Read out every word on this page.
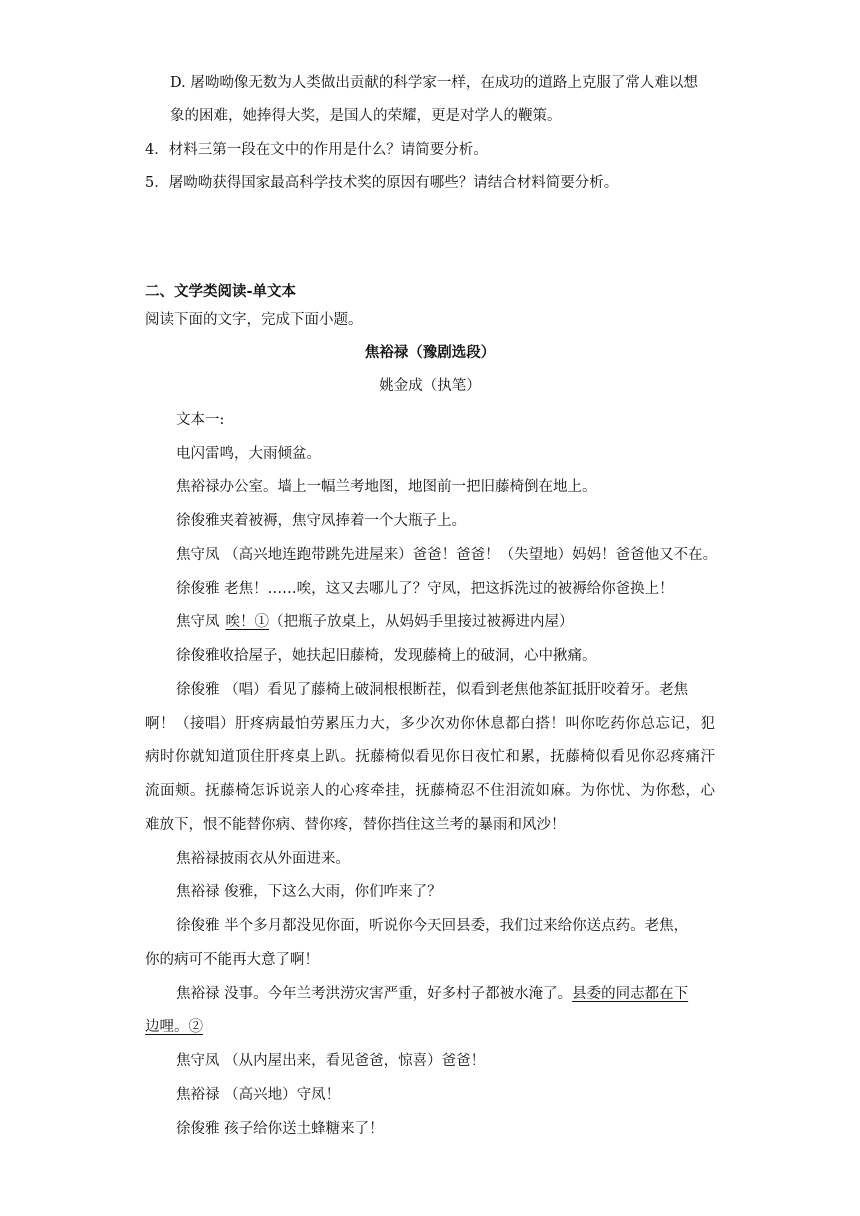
D. 屠呦呦像无数为人类做出贡献的科学家一样，在成功的道路上克服了常人难以想
象的困难，她捧得大奖，是国人的荣耀，更是对学人的鞭策。
4．材料三第一段在文中的作用是什么？请简要分析。
5．屠呦呦获得国家最高科学技术奖的原因有哪些？请结合材料简要分析。
二、文学类阅读-单文本
阅读下面的文字，完成下面小题。
焦裕禄（豫剧选段）
姚金成（执笔）
文本一:
电闪雷鸣，大雨倾盆。
焦裕禄办公室。墙上一幅兰考地图，地图前一把旧藤椅倒在地上。
徐俊雅夹着被褥，焦守凤捧着一个大瓶子上。
焦守凤 （高兴地连跑带跳先进屋来）爸爸！爸爸！（失望地）妈妈！爸爸他又不在。
徐俊雅 老焦！……唉，这又去哪儿了？守凤，把这拆洗过的被褥给你爸换上！
焦守凤 唉！①（把瓶子放桌上，从妈妈手里接过被褥进内屋）
徐俊雅收拾屋子，她扶起旧藤椅，发现藤椅上的破洞，心中揪痛。
徐俊雅 （唱）看见了藤椅上破洞根根断茬，似看到老焦他茶缸抵肝咬着牙。老焦
啊！（接唱）肝疼病最怕劳累压力大，多少次劝你休息都白搭！叫你吃药你总忘记，犯
病时你就知道顶住肝疼桌上趴。抚藤椅似看见你日夜忙和累，抚藤椅似看见你忍疼痛汗
流面颊。抚藤椅怎诉说亲人的心疼牵挂，抚藤椅忍不住泪流如麻。为你忧、为你愁，心
难放下，恨不能替你病、替你疼，替你挡住这兰考的暴雨和风沙！
焦裕禄披雨衣从外面进来。
焦裕禄 俊雅，下这么大雨，你们咋来了？
徐俊雅 半个多月都没见你面，听说你今天回县委，我们过来给你送点药。老焦，
你的病可不能再大意了啊！
焦裕禄 没事。今年兰考洪涝灾害严重，好多村子都被水淹了。县委的同志都在下
边哩。②
焦守凤 （从内屋出来，看见爸爸，惊喜）爸爸！
焦裕禄 （高兴地）守凤！
徐俊雅 孩子给你送土蜂糖来了！
